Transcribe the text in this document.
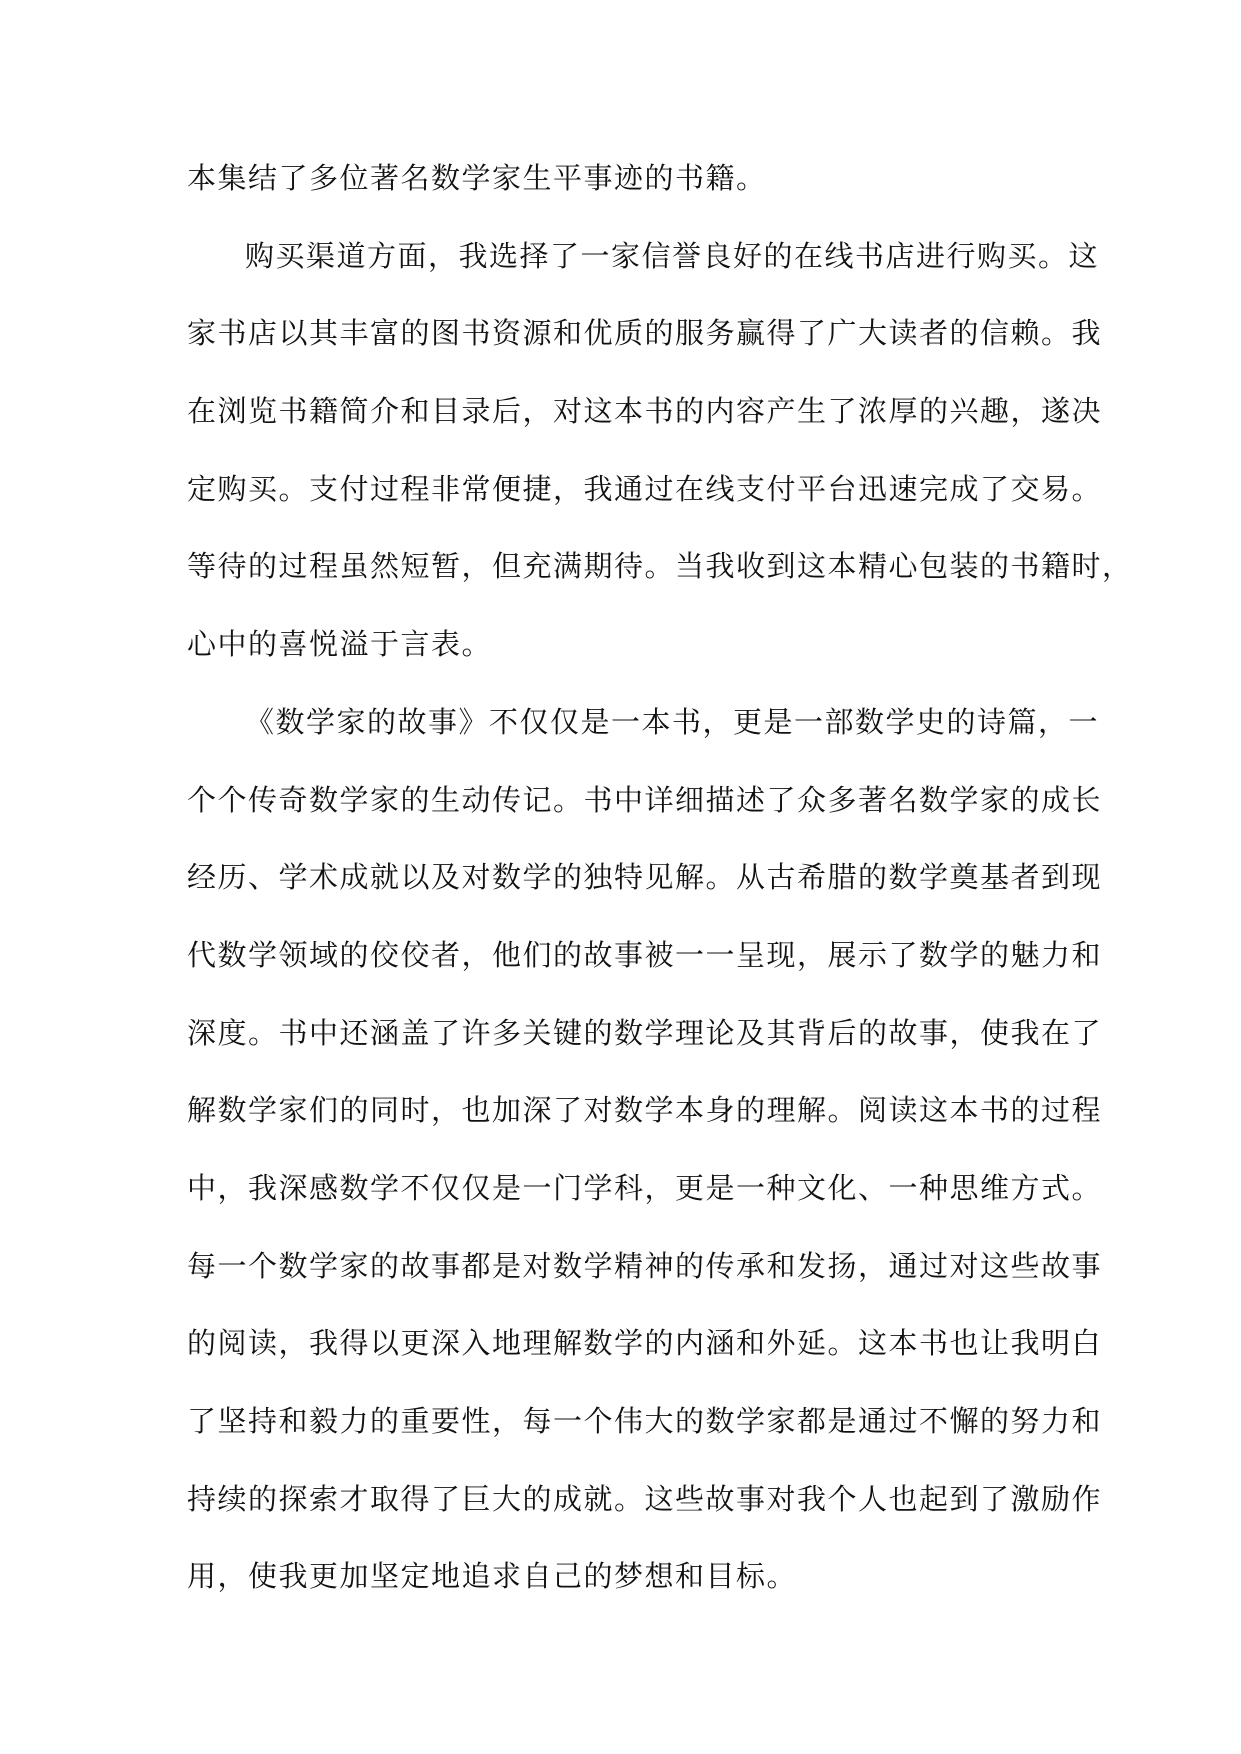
本集结了多位著名数学家生平事迹的书籍。
购买渠道方面，我选择了一家信誉良好的在线书店进行购买。这
家书店以其丰富的图书资源和优质的服务赢得了广大读者的信赖。我
在浏览书籍简介和目录后，对这本书的内容产生了浓厚的兴趣，遂决
定购买。支付过程非常便捷，我通过在线支付平台迅速完成了交易。
等待的过程虽然短暂，但充满期待。当我收到这本精心包装的书籍时，
心中的喜悦溢于言表。
《数学家的故事》不仅仅是一本书，更是一部数学史的诗篇，一
个个传奇数学家的生动传记。书中详细描述了众多著名数学家的成长
经历、学术成就以及对数学的独特见解。从古希腊的数学奠基者到现
代数学领域的佼佼者，他们的故事被一一呈现，展示了数学的魅力和
深度。书中还涵盖了许多关键的数学理论及其背后的故事，使我在了
解数学家们的同时，也加深了对数学本身的理解。阅读这本书的过程
中，我深感数学不仅仅是一门学科，更是一种文化、一种思维方式。
每一个数学家的故事都是对数学精神的传承和发扬，通过对这些故事
的阅读，我得以更深入地理解数学的内涵和外延。这本书也让我明白
了坚持和毅力的重要性，每一个伟大的数学家都是通过不懈的努力和
持续的探索才取得了巨大的成就。这些故事对我个人也起到了激励作
用，使我更加坚定地追求自己的梦想和目标。
